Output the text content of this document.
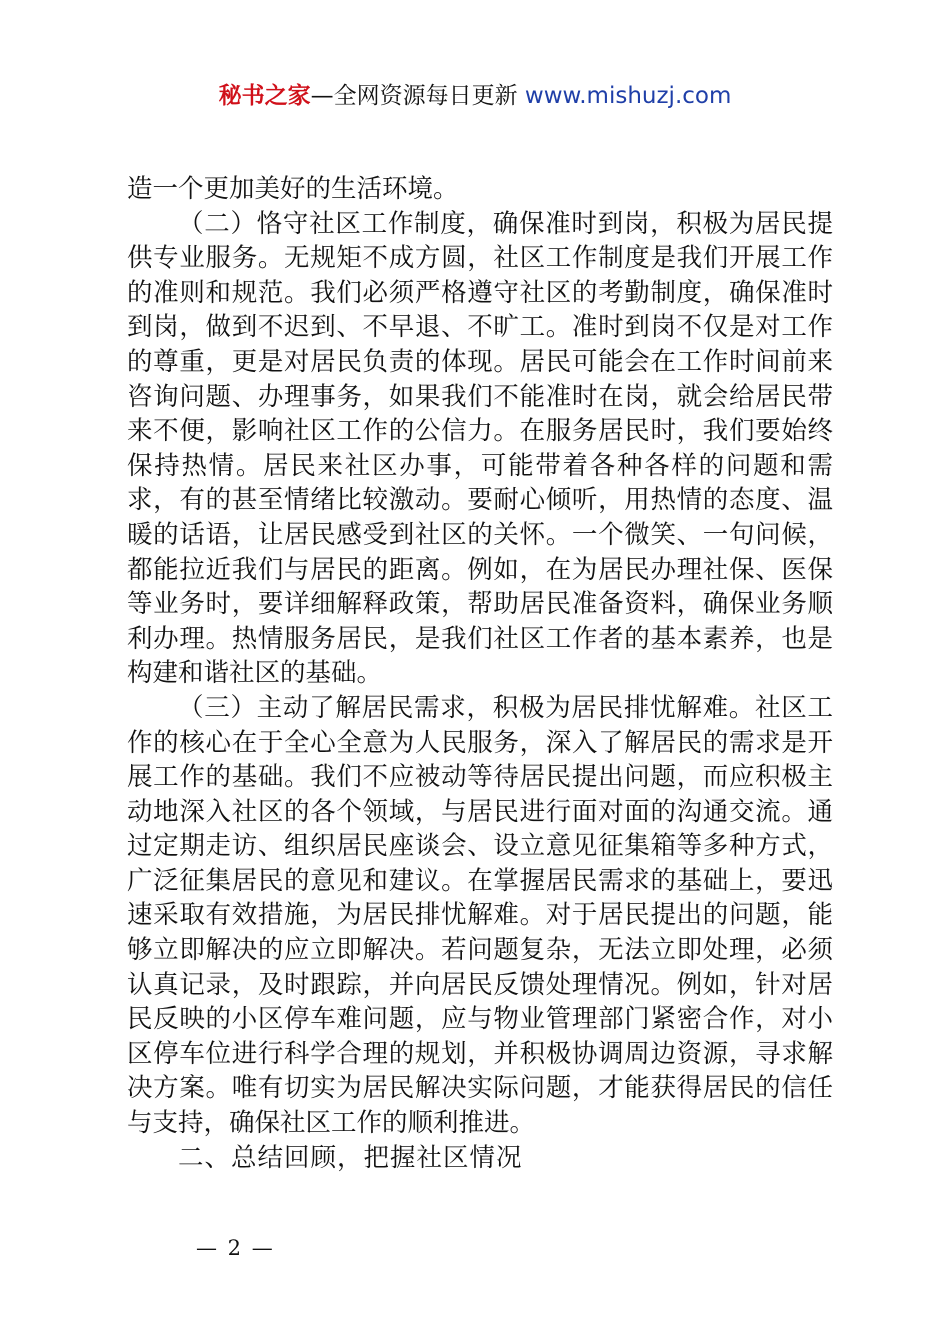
秘书之家—全网资源每日更新 www.mishuzj.com

造一个更加美好的生活环境。

（二）恪守社区工作制度，确保准时到岗，积极为居民提供专业服务。无规矩不成方圆，社区工作制度是我们开展工作的准则和规范。我们必须严格遵守社区的考勤制度，确保准时到岗，做到不迟到、不早退、不旷工。准时到岗不仅是对工作的尊重，更是对居民负责的体现。居民可能会在工作时间前来咨询问题、办理事务，如果我们不能准时在岗，就会给居民带来不便，影响社区工作的公信力。在服务居民时，我们要始终保持热情。居民来社区办事，可能带着各种各样的问题和需求，有的甚至情绪比较激动。要耐心倾听，用热情的态度、温暖的话语，让居民感受到社区的关怀。一个微笑、一句问候，都能拉近我们与居民的距离。例如，在为居民办理社保、医保等业务时，要详细解释政策，帮助居民准备资料，确保业务顺利办理。热情服务居民，是我们社区工作者的基本素养，也是构建和谐社区的基础。

（三）主动了解居民需求，积极为居民排忧解难。社区工作的核心在于全心全意为人民服务，深入了解居民的需求是开展工作的基础。我们不应被动等待居民提出问题，而应积极主动地深入社区的各个领域，与居民进行面对面的沟通交流。通过定期走访、组织居民座谈会、设立意见征集箱等多种方式，广泛征集居民的意见和建议。在掌握居民需求的基础上，要迅速采取有效措施，为居民排忧解难。对于居民提出的问题，能够立即解决的应立即解决。若问题复杂，无法立即处理，必须认真记录，及时跟踪，并向居民反馈处理情况。例如，针对居民反映的小区停车难问题，应与物业管理部门紧密合作，对小区停车位进行科学合理的规划，并积极协调周边资源，寻求解决方案。唯有切实为居民解决实际问题，才能获得居民的信任与支持，确保社区工作的顺利推进。

二、总结回顾，把握社区情况

— 2 —
